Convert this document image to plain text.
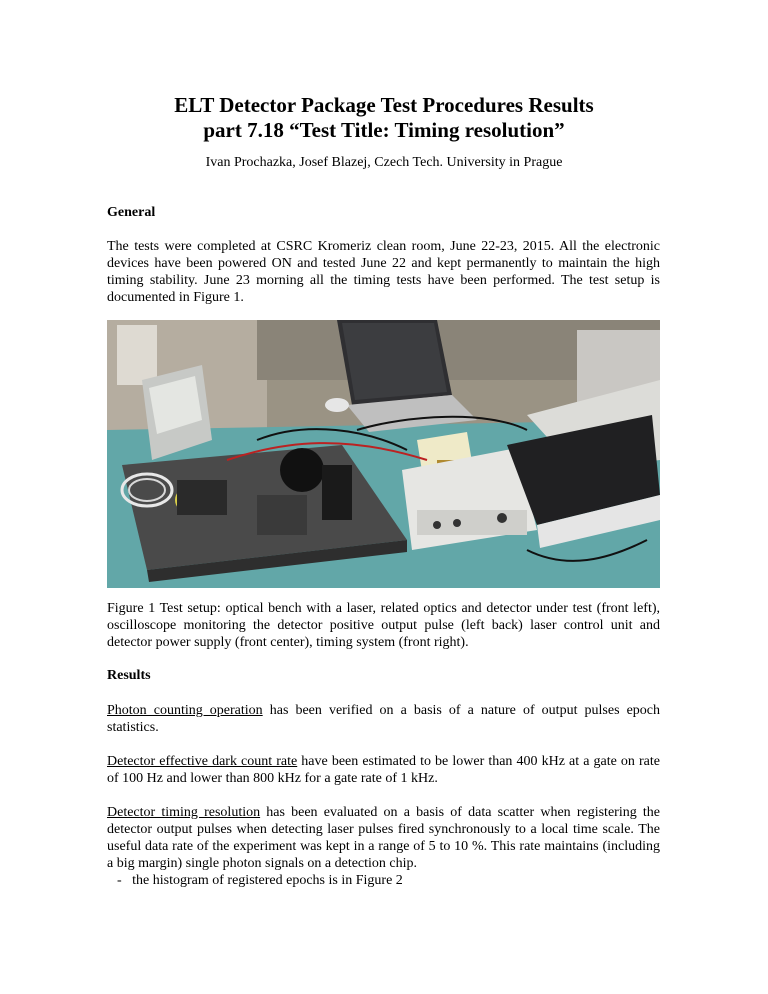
ELT Detector Package Test Procedures Results
part 7.18 “Test Title: Timing resolution”
Ivan Prochazka, Josef Blazej, Czech Tech. University in Prague
General

The tests were completed at CSRC Kromeriz clean room, June 22-23, 2015. All the electronic devices have been powered ON and tested June 22 and kept permanently to maintain the high timing stability. June 23 morning all the timing tests have been performed. The test setup is documented in Figure 1.

Figure 1 Test setup: optical bench with a laser, related optics and detector under test (front left), oscilloscope monitoring the detector positive output pulse (left back) laser control unit and detector power supply (front center), timing system (front right).

Results

Photon counting operation has been verified on a basis of a nature of output pulses epoch statistics.

Detector effective dark count rate have been estimated to be lower than 400 kHz at a gate on rate of 100 Hz and lower than 800 kHz for a gate rate of 1 kHz.

Detector timing resolution has been evaluated on a basis of data scatter when registering the detector output pulses when detecting laser pulses fired synchronously to a local time scale. The useful data rate of the experiment was kept in a range of 5 to 10 %. This rate maintains (including a big margin) single photon signals on a detection chip.

- the histogram of registered epochs is in Figure 2
